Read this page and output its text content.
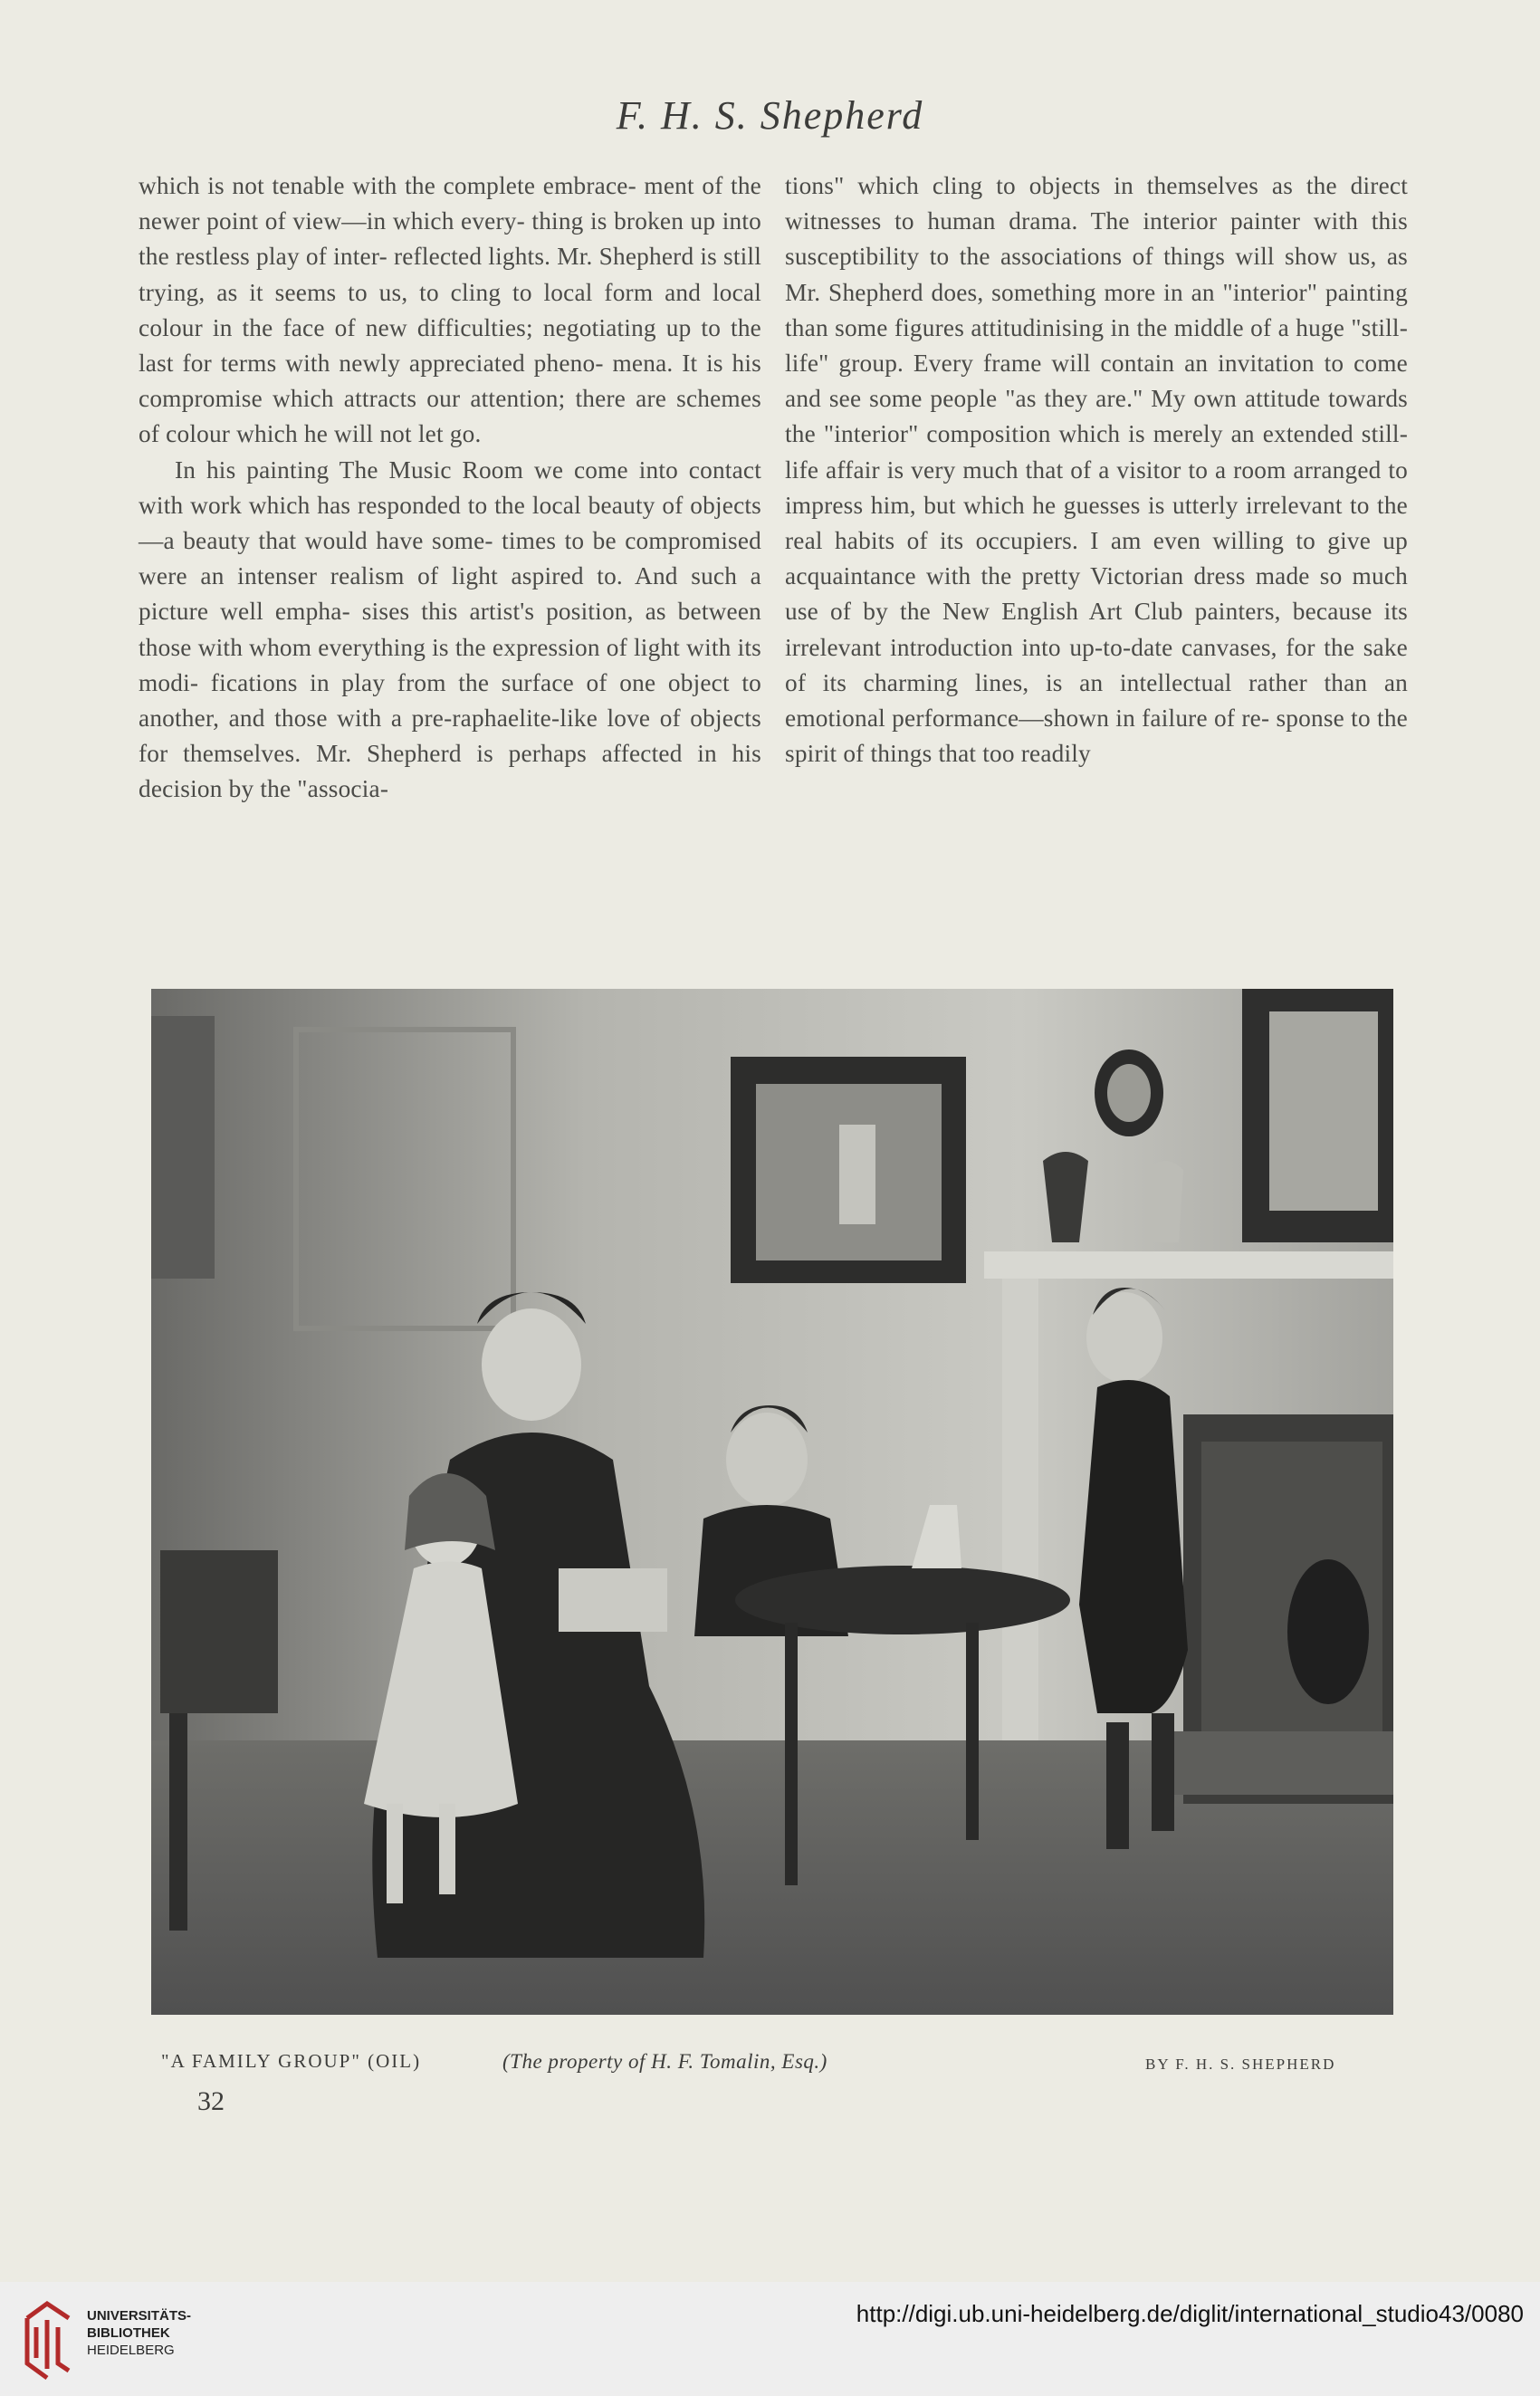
F. H. S. Shepherd

which is not tenable with the complete embrace- ment of the newer point of view—in which every- thing is broken up into the restless play of inter- reflected lights. Mr. Shepherd is still trying, as it seems to us, to cling to local form and local colour in the face of new difficulties; negotiating up to the last for terms with newly appreciated pheno- mena. It is his compromise which attracts our attention; there are schemes of colour which he will not let go.

In his painting The Music Room we come into contact with work which has responded to the local beauty of objects—a beauty that would have some- times to be compromised were an intenser realism of light aspired to. And such a picture well empha- sises this artist's position, as between those with whom everything is the expression of light with its modi- fications in play from the surface of one object to another, and those with a pre-raphaelite-like love of objects for themselves. Mr. Shepherd is perhaps affected in his decision by the "associa-

tions" which cling to objects in themselves as the direct witnesses to human drama. The interior painter with this susceptibility to the associations of things will show us, as Mr. Shepherd does, something more in an "interior" painting than some figures attitudinising in the middle of a huge "still-life" group. Every frame will contain an invitation to come and see some people "as they are." My own attitude towards the "interior" composition which is merely an extended still-life affair is very much that of a visitor to a room arranged to impress him, but which he guesses is utterly irrelevant to the real habits of its occupiers. I am even willing to give up acquaintance with the pretty Victorian dress made so much use of by the New English Art Club painters, because its irrelevant introduction into up-to-date canvases, for the sake of its charming lines, is an intellectual rather than an emotional performance—shown in failure of re- sponse to the spirit of things that too readily

"A FAMILY GROUP" (OIL)	(The property of H. F. Tomalin, Esq.)	BY F. H. S. SHEPHERD
32
UNIVERSITÄTS-
BIBLIOTHEK
HEIDELBERG
http://digi.ub.uni-heidelberg.de/diglit/international_studio43/0080
